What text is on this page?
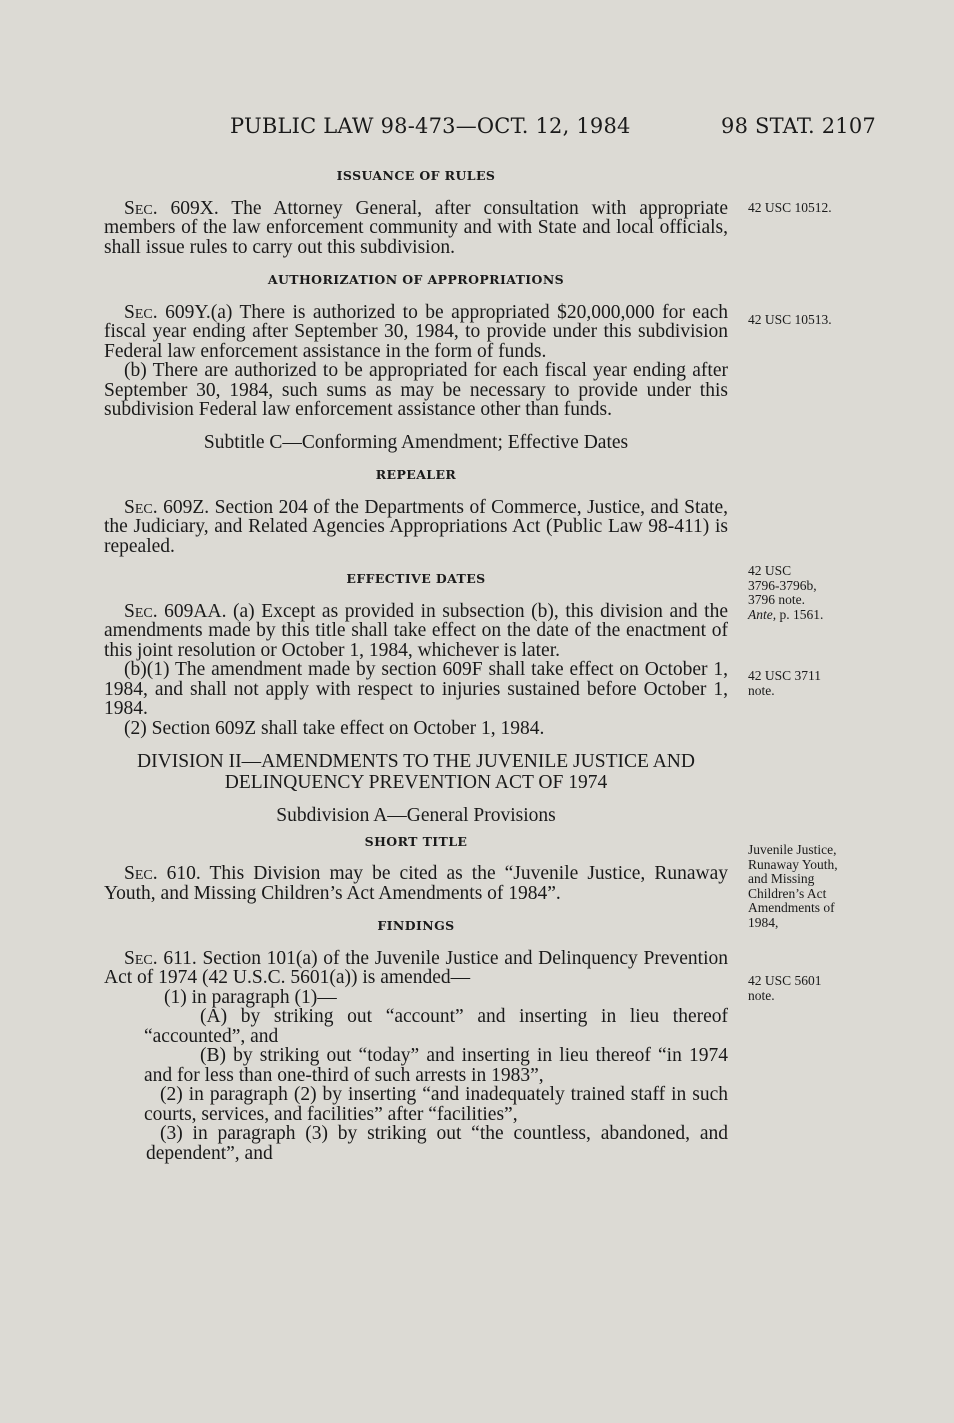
PUBLIC LAW 98-473—OCT. 12, 1984	98 STAT. 2107

ISSUANCE OF RULES

Sec. 609X. The Attorney General, after consultation with appropriate members of the law enforcement community and with State and local officials, shall issue rules to carry out this subdivision.

AUTHORIZATION OF APPROPRIATIONS

Sec. 609Y.(a) There is authorized to be appropriated $20,000,000 for each fiscal year ending after September 30, 1984, to provide under this subdivision Federal law enforcement assistance in the form of funds.

(b) There are authorized to be appropriated for each fiscal year ending after September 30, 1984, such sums as may be necessary to provide under this subdivision Federal law enforcement assistance other than funds.

Subtitle C—Conforming Amendment; Effective Dates

REPEALER

Sec. 609Z. Section 204 of the Departments of Commerce, Justice, and State, the Judiciary, and Related Agencies Appropriations Act (Public Law 98-411) is repealed.

EFFECTIVE DATES

Sec. 609AA. (a) Except as provided in subsection (b), this division and the amendments made by this title shall take effect on the date of the enactment of this joint resolution or October 1, 1984, whichever is later.

(b)(1) The amendment made by section 609F shall take effect on October 1, 1984, and shall not apply with respect to injuries sustained before October 1, 1984.

(2) Section 609Z shall take effect on October 1, 1984.

DIVISION II—AMENDMENTS TO THE JUVENILE JUSTICE AND DELINQUENCY PREVENTION ACT OF 1974

Subdivision A—General Provisions

SHORT TITLE

Sec. 610. This Division may be cited as the “Juvenile Justice, Runaway Youth, and Missing Children’s Act Amendments of 1984”.

FINDINGS

Sec. 611. Section 101(a) of the Juvenile Justice and Delinquency Prevention Act of 1974 (42 U.S.C. 5601(a)) is amended—

(1) in paragraph (1)—

(A) by striking out “account” and inserting in lieu thereof “accounted”, and

(B) by striking out “today” and inserting in lieu thereof “in 1974 and for less than one-third of such arrests in 1983”,

(2) in paragraph (2) by inserting “and inadequately trained staff in such courts, services, and facilities” after “facilities”,

(3) in paragraph (3) by striking out “the countless, abandoned, and dependent”, and

42 USC 10512.
42 USC 10513.
42 USC
3796-3796b,
3796 note.
Ante, p. 1561.
42 USC 3711
note.
Juvenile Justice,
Runaway Youth,
and Missing
Children’s Act
Amendments of
1984,
42 USC 5601
note.
